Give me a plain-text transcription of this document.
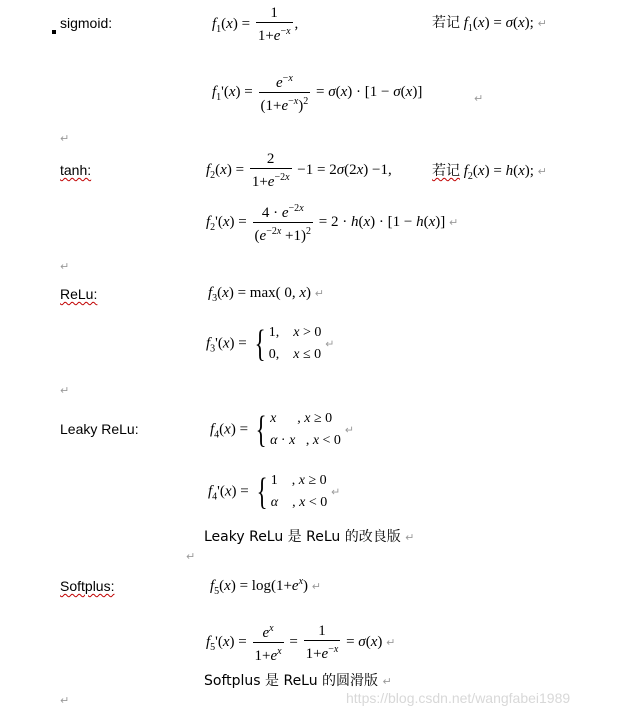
sigmoid:	$f_1(x) = \frac{1}{1+e^{-x}}$ ,	若记 $f_1(x) = \sigma(x)$; ↵
$f_1'(x) = \frac{e^{-x}}{(1+e^{-x})^2} = \sigma(x) \cdot [1 - \sigma(x)]$	↵
↵
tanh:	$f_2(x) = \frac{2}{1+e^{-2x}} -1 = 2\sigma(2x) -1$,	若记 $f_2(x) = h(x)$; ↵
$f_2'(x) = \frac{4 \cdot e^{-2x}}{(e^{-2x} +1)^2} = 2 \cdot h(x) \cdot [1 - h(x)]$ ↵
↵
ReLu:	$f_3(x) = \max$( 0, x) ↵
$f_3'(x)$ = { 1,    x > 0
0,    x ≤ 0
↵
↵
Leaky ReLu:	$f_4(x)$ = { x      , x ≥ 0
α · x   , x < 0
↵
$f_4'(x)$ = { 1    , x ≥ 0
α    , x < 0
↵
Leaky ReLu 是 ReLu 的改良版 ↵
↵
Softplus:	$f_5(x) = \log(1+e^x)$ ↵
$f_5'(x) = \frac{e^x}{1+e^x} = \frac{1}{1+e^{-x}} = \sigma(x)$ ↵
Softplus 是 ReLu 的圆滑版 ↵
↵	https://blog.csdn.net/wangfabei1989
